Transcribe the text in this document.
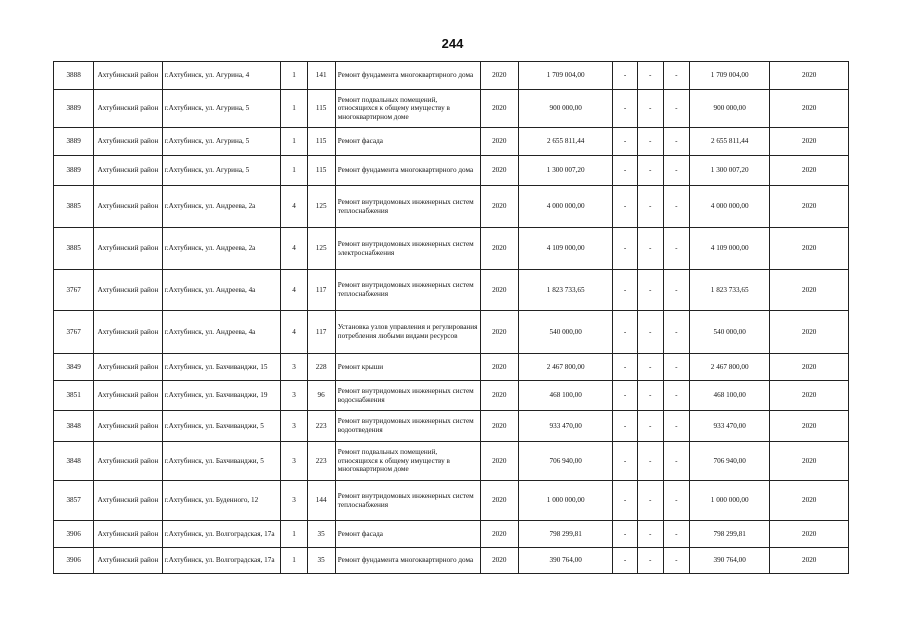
244
3888	Ахтубинский район	г.Ахтубинск, ул. Агурина, 4	1	141	Ремонт фундамента многоквартирного дома	2020	1 709 004,00	-	-	-	1 709 004,00	2020
3889	Ахтубинский район	г.Ахтубинск, ул. Агурина, 5	1	115	Ремонт подвальных помещений, относящихся к общему имуществу в многоквартирном доме	2020	900 000,00	-	-	-	900 000,00	2020
3889	Ахтубинский район	г.Ахтубинск, ул. Агурина, 5	1	115	Ремонт фасада	2020	2 655 811,44	-	-	-	2 655 811,44	2020
3889	Ахтубинский район	г.Ахтубинск, ул. Агурина, 5	1	115	Ремонт фундамента многоквартирного дома	2020	1 300 007,20	-	-	-	1 300 007,20	2020
3885	Ахтубинский район	г.Ахтубинск, ул. Андреева, 2а	4	125	Ремонт внутридомовых инженерных систем теплоснабжения	2020	4 000 000,00	-	-	-	4 000 000,00	2020
3885	Ахтубинский район	г.Ахтубинск, ул. Андреева, 2а	4	125	Ремонт внутридомовых инженерных систем электроснабжения	2020	4 109 000,00	-	-	-	4 109 000,00	2020
3767	Ахтубинский район	г.Ахтубинск, ул. Андреева, 4а	4	117	Ремонт внутридомовых инженерных систем теплоснабжения	2020	1 823 733,65	-	-	-	1 823 733,65	2020
3767	Ахтубинский район	г.Ахтубинск, ул. Андреева, 4а	4	117	Установка узлов управления и регулирования потребления любыми видами ресурсов	2020	540 000,00	-	-	-	540 000,00	2020
3849	Ахтубинский район	г.Ахтубинск, ул. Бахчиванджи, 15	3	228	Ремонт крыши	2020	2 467 800,00	-	-	-	2 467 800,00	2020
3851	Ахтубинский район	г.Ахтубинск, ул. Бахчиванджи, 19	3	96	Ремонт внутридомовых инженерных систем водоснабжения	2020	468 100,00	-	-	-	468 100,00	2020
3848	Ахтубинский район	г.Ахтубинск, ул. Бахчиванджи, 5	3	223	Ремонт внутридомовых инженерных систем водоотведения	2020	933 470,00	-	-	-	933 470,00	2020
3848	Ахтубинский район	г.Ахтубинск, ул. Бахчиванджи, 5	3	223	Ремонт подвальных помещений, относящихся к общему имуществу в многоквартирном доме	2020	706 940,00	-	-	-	706 940,00	2020
3857	Ахтубинский район	г.Ахтубинск, ул. Буденного, 12	3	144	Ремонт внутридомовых инженерных систем теплоснабжения	2020	1 000 000,00	-	-	-	1 000 000,00	2020
3906	Ахтубинский район	г.Ахтубинск, ул. Волгоградская, 17а	1	35	Ремонт фасада	2020	798 299,81	-	-	-	798 299,81	2020
3906	Ахтубинский район	г.Ахтубинск, ул. Волгоградская, 17а	1	35	Ремонт фундамента многоквартирного дома	2020	390 764,00	-	-	-	390 764,00	2020
